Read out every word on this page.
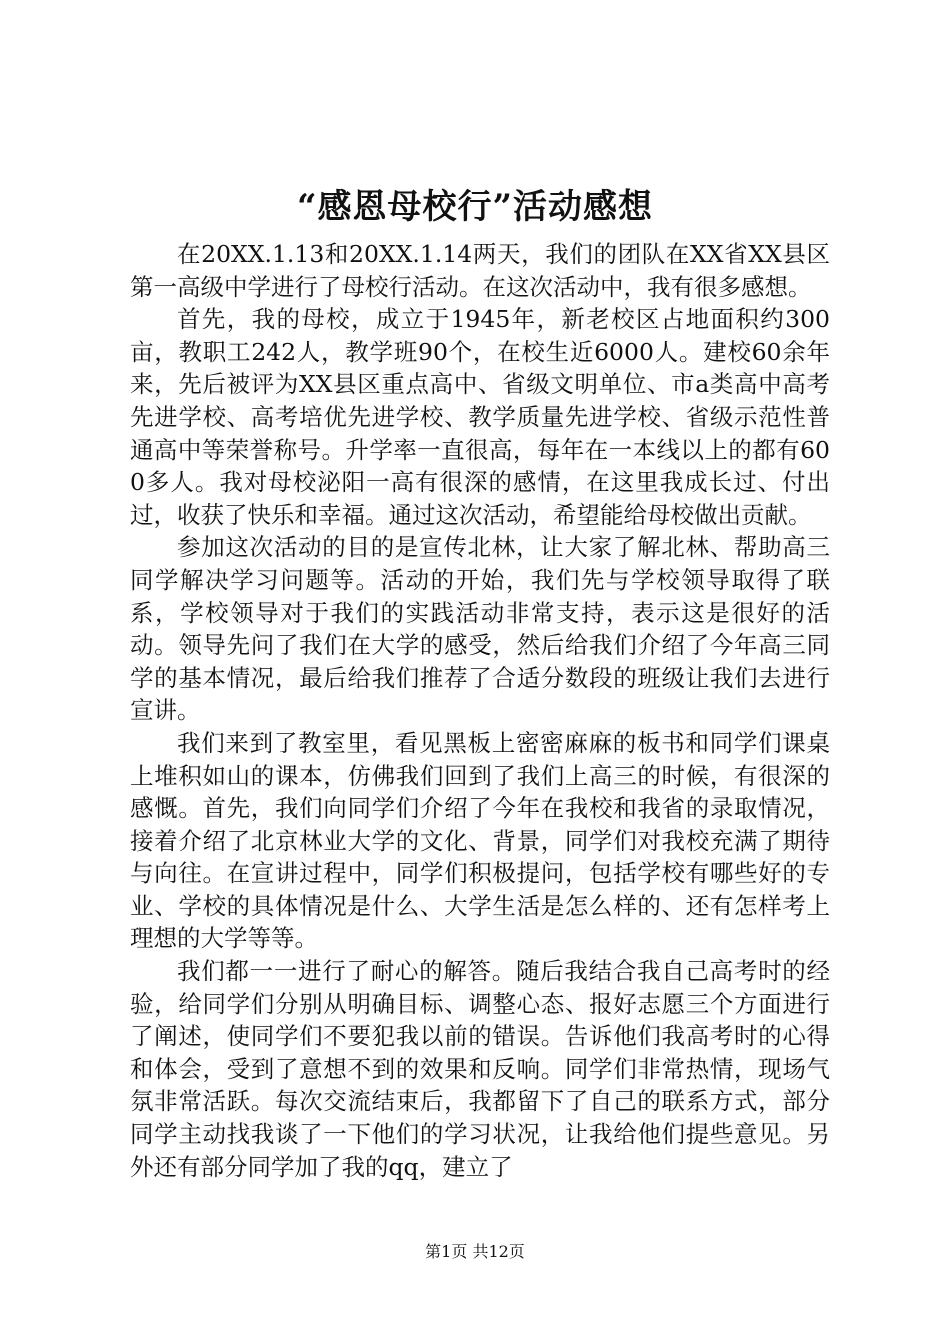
“感恩母校行”活动感想

在20XX.1.13和20XX.1.14两天，我们的团队在XX省XX县区第一高级中学进行了母校行活动。在这次活动中，我有很多感想。

首先，我的母校，成立于1945年，新老校区占地面积约300亩，教职工242人，教学班90个，在校生近6000人。建校60余年来，先后被评为XX县区重点高中、省级文明单位、市a类高中高考先进学校、高考培优先进学校、教学质量先进学校、省级示范性普通高中等荣誉称号。升学率一直很高，每年在一本线以上的都有600多人。我对母校泌阳一高有很深的感情，在这里我成长过、付出过，收获了快乐和幸福。通过这次活动，希望能给母校做出贡献。

参加这次活动的目的是宣传北林，让大家了解北林、帮助高三同学解决学习问题等。活动的开始，我们先与学校领导取得了联系，学校领导对于我们的实践活动非常支持，表示这是很好的活动。领导先问了我们在大学的感受，然后给我们介绍了今年高三同学的基本情况，最后给我们推荐了合适分数段的班级让我们去进行宣讲。

我们来到了教室里，看见黑板上密密麻麻的板书和同学们课桌上堆积如山的课本，仿佛我们回到了我们上高三的时候，有很深的感慨。首先，我们向同学们介绍了今年在我校和我省的录取情况，接着介绍了北京林业大学的文化、背景，同学们对我校充满了期待与向往。在宣讲过程中，同学们积极提问，包括学校有哪些好的专业、学校的具体情况是什么、大学生活是怎么样的、还有怎样考上理想的大学等等。

我们都一一进行了耐心的解答。随后我结合我自己高考时的经验，给同学们分别从明确目标、调整心态、报好志愿三个方面进行了阐述，使同学们不要犯我以前的错误。告诉他们我高考时的心得和体会，受到了意想不到的效果和反响。同学们非常热情，现场气氛非常活跃。每次交流结束后，我都留下了自己的联系方式，部分同学主动找我谈了一下他们的学习状况，让我给他们提些意见。另外还有部分同学加了我的qq，建立了

第1页 共12页
